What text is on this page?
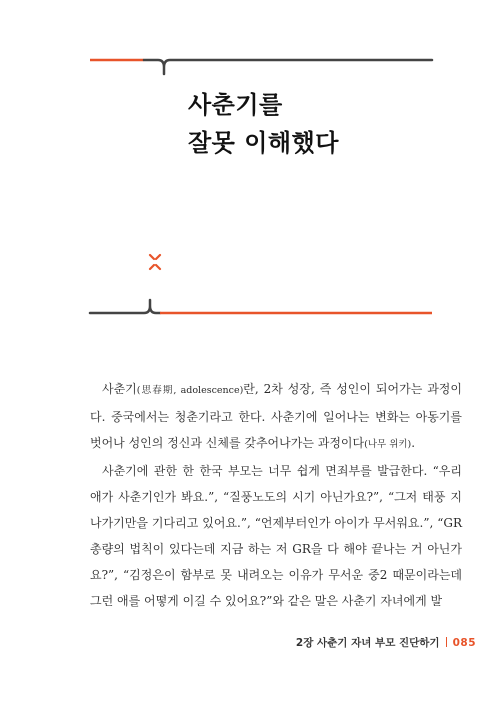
사춘기를
잘못 이해했다

사춘기(思春期, adolescence)란, 2차 성장, 즉 성인이 되어가는 과정이다. 중국에서는 청춘기라고 한다. 사춘기에 일어나는 변화는 아동기를 벗어나 성인의 정신과 신체를 갖추어나가는 과정이다(나무 위키).

사춘기에 관한 한 한국 부모는 너무 쉽게 면죄부를 발급한다. “우리 애가 사춘기인가 봐요.”, “질풍노도의 시기 아닌가요?”, “그저 태풍 지나가기만을 기다리고 있어요.”, “언제부터인가 아이가 무서워요.”, “GR 총량의 법칙이 있다는데 지금 하는 저 GR을 다 해야 끝나는 거 아닌가요?”, “김정은이 함부로 못 내려오는 이유가 무서운 중2 때문이라는데 그런 애를 어떻게 이길 수 있어요?”와 같은 말은 사춘기 자녀에게 발

2장 사춘기 자녀 부모 진단하기 085
